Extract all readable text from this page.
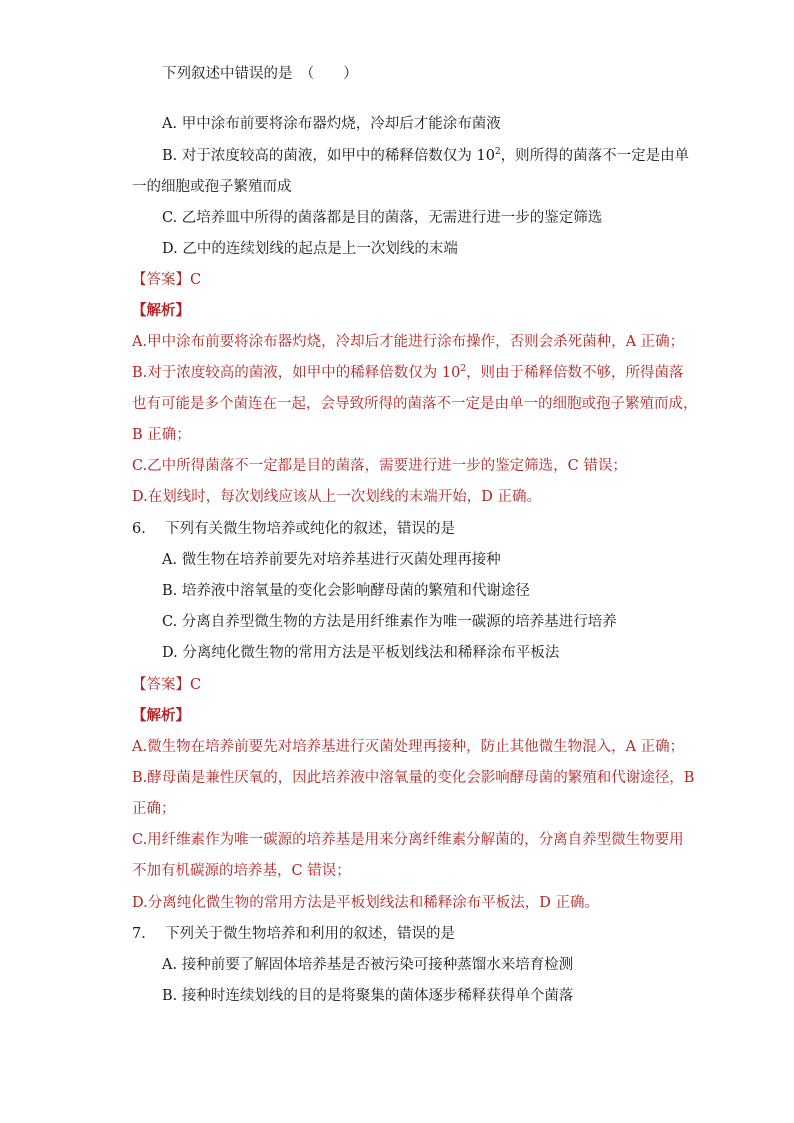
下列叙述中错误的是　（　　）
A. 甲中涂布前要将涂布器灼烧，冷却后才能涂布菌液
B. 对于浓度较高的菌液，如甲中的稀释倍数仅为 $10^2$，则所得的菌落不一定是由单
一的细胞或孢子繁殖而成
C. 乙培养皿中所得的菌落都是目的菌落，无需进行进一步的鉴定筛选
D. 乙中的连续划线的起点是上一次划线的末端
【答案】C
【解析】
A.甲中涂布前要将涂布器灼烧，冷却后才能进行涂布操作，否则会杀死菌种，A 正确；
B.对于浓度较高的菌液，如甲中的稀释倍数仅为 $10^2$，则由于稀释倍数不够，所得菌落
也有可能是多个菌连在一起，会导致所得的菌落不一定是由单一的细胞或孢子繁殖而成，
B 正确；
C.乙中所得菌落不一定都是目的菌落，需要进行进一步的鉴定筛选，C 错误；
D.在划线时，每次划线应该从上一次划线的末端开始，D 正确。
6.　 下列有关微生物培养或纯化的叙述，错误的是
A. 微生物在培养前要先对培养基进行灭菌处理再接种
B. 培养液中溶氧量的变化会影响酵母菌的繁殖和代谢途径
C. 分离自养型微生物的方法是用纤维素作为唯一碳源的培养基进行培养
D. 分离纯化微生物的常用方法是平板划线法和稀释涂布平板法
【答案】C
【解析】
A.微生物在培养前要先对培养基进行灭菌处理再接种，防止其他微生物混入，A 正确；
B.酵母菌是兼性厌氧的，因此培养液中溶氧量的变化会影响酵母菌的繁殖和代谢途径，B
正确；
C.用纤维素作为唯一碳源的培养基是用来分离纤维素分解菌的，分离自养型微生物要用
不加有机碳源的培养基，C 错误；
D.分离纯化微生物的常用方法是平板划线法和稀释涂布平板法，D 正确。
7.　 下列关于微生物培养和利用的叙述，错误的是
A. 接种前要了解固体培养基是否被污染可接种蒸馏水来培育检测
B. 接种时连续划线的目的是将聚集的菌体逐步稀释获得单个菌落
